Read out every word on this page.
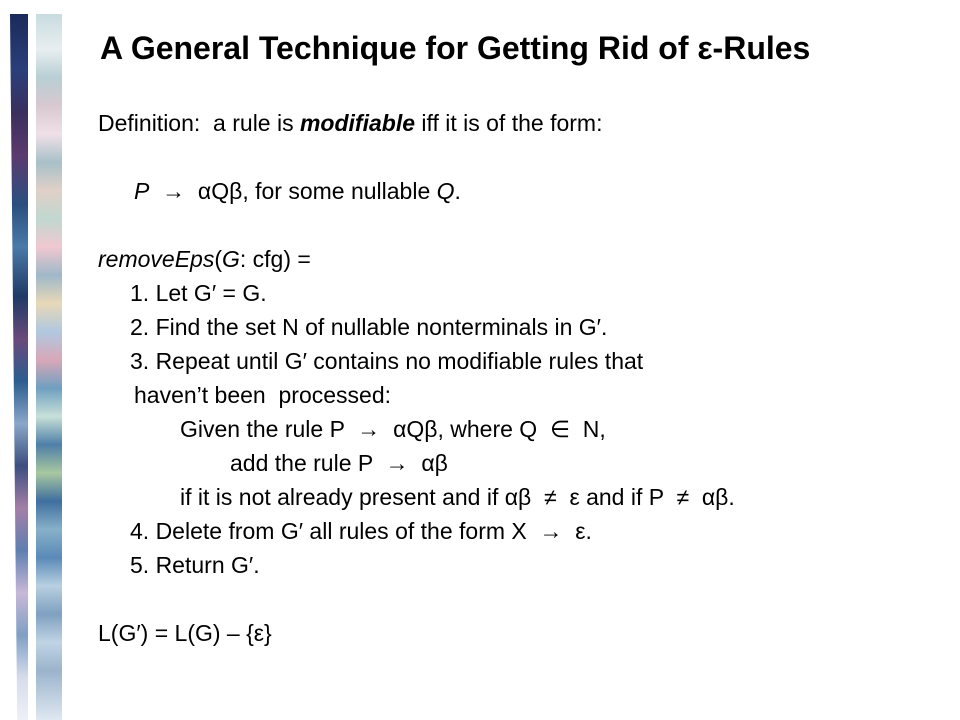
A General Technique for Getting Rid of ε-Rules
Definition:  a rule is modifiable iff it is of the form:
P  →  αQβ, for some nullable Q.
removeEps(G: cfg) =
1. Let G′ = G.
2. Find the set N of nullable nonterminals in G′.
3. Repeat until G′ contains no modifiable rules that
haven’t been  processed:
Given the rule P  →  αQβ, where Q  ∈  N,
add the rule P  →  αβ
if it is not already present and if αβ  ≠  ε and if P  ≠  αβ.
4. Delete from G′ all rules of the form X  →  ε.
5. Return G′.
L(G′) = L(G) – {ε}
